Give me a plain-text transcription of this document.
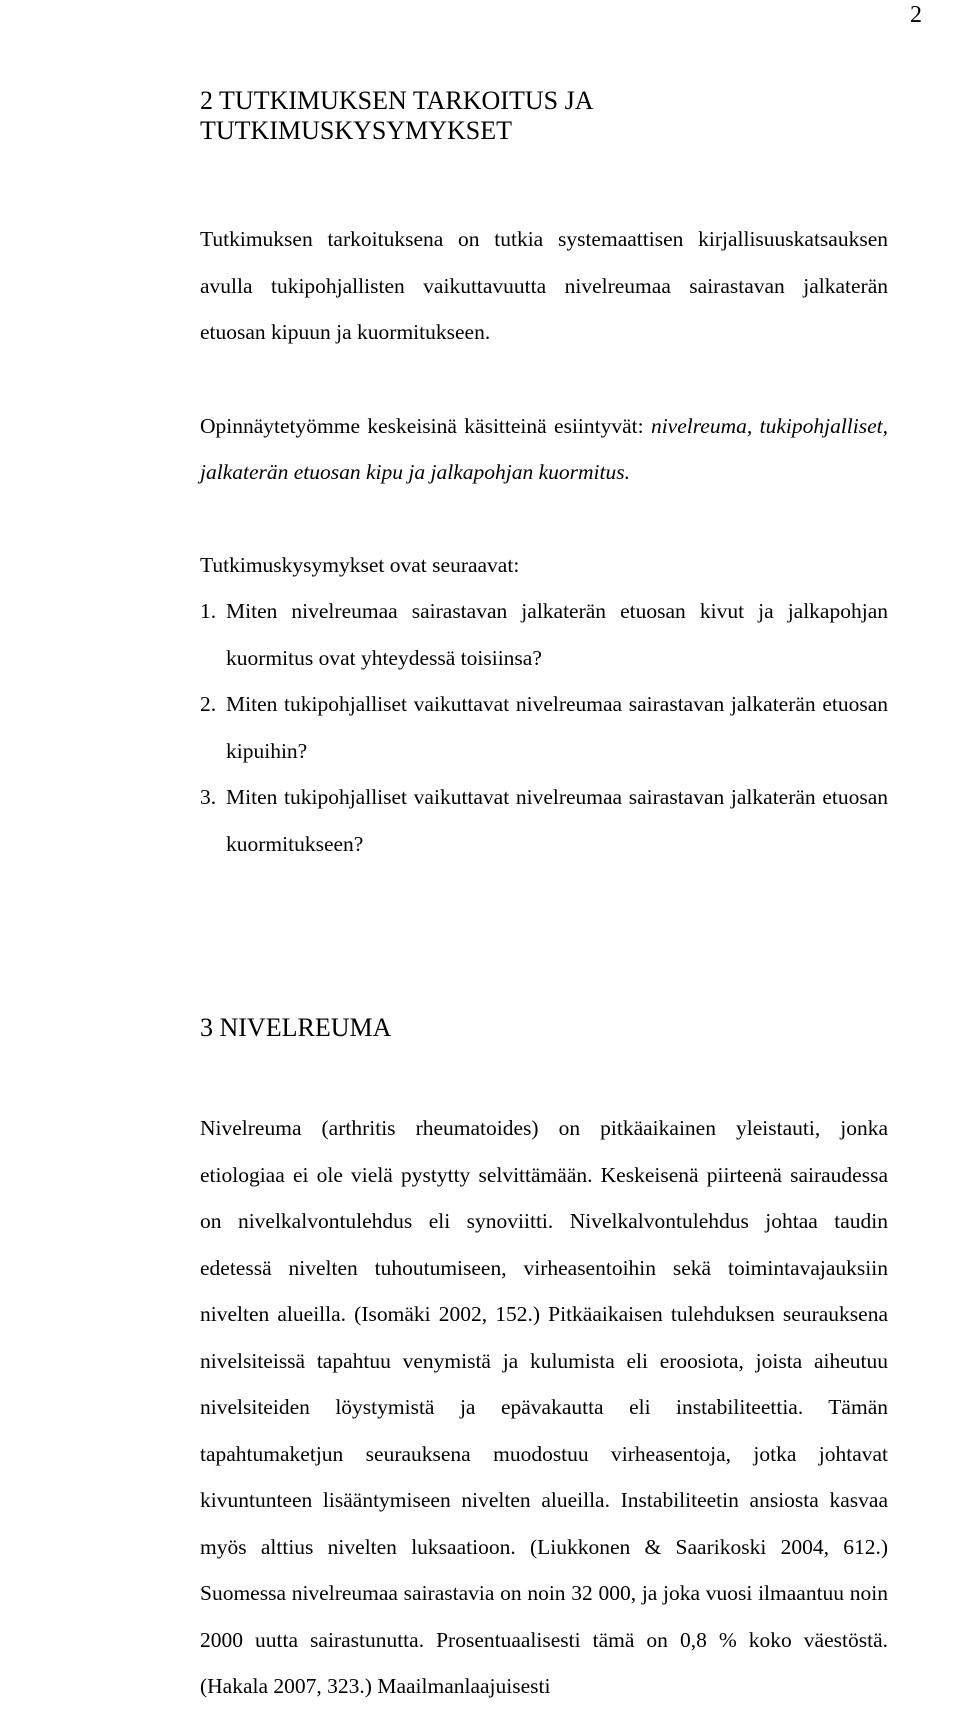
2
2 TUTKIMUKSEN TARKOITUS JA TUTKIMUSKYSYMYKSET

Tutkimuksen tarkoituksena on tutkia systemaattisen kirjallisuuskatsauksen avulla tukipohjallisten vaikuttavuutta nivelreumaa sairastavan jalkaterän etuosan kipuun ja kuormitukseen.

Opinnäytetyömme keskeisinä käsitteinä esiintyvät: nivelreuma, tukipohjalliset, jalkaterän etuosan kipu ja jalkapohjan kuormitus.

Tutkimuskysymykset ovat seuraavat:

1. Miten nivelreumaa sairastavan jalkaterän etuosan kivut ja jalkapohjan kuormitus ovat yhteydessä toisiinsa?
2. Miten tukipohjalliset vaikuttavat nivelreumaa sairastavan jalkaterän etuosan kipuihin?
3. Miten tukipohjalliset vaikuttavat nivelreumaa sairastavan jalkaterän etuosan kuormitukseen?
3 NIVELREUMA

Nivelreuma (arthritis rheumatoides) on pitkäaikainen yleistauti, jonka etiologiaa ei ole vielä pystytty selvittämään. Keskeisenä piirteenä sairaudessa on nivelkalvontulehdus eli synoviitti. Nivelkalvontulehdus johtaa taudin edetessä nivelten tuhoutumiseen, virheasentoihin sekä toimintavajauksiin nivelten alueilla. (Isomäki 2002, 152.) Pitkäaikaisen tulehduksen seurauksena nivelsiteissä tapahtuu venymistä ja kulumista eli eroosiota, joista aiheutuu nivelsiteiden löystymistä ja epävakautta eli instabiliteettia. Tämän tapahtumaketjun seurauksena muodostuu virheasentoja, jotka johtavat kivuntunteen lisääntymiseen nivelten alueilla. Instabiliteetin ansiosta kasvaa myös alttius nivelten luksaatioon. (Liukkonen & Saarikoski 2004, 612.) Suomessa nivelreumaa sairastavia on noin 32 000, ja joka vuosi ilmaantuu noin 2000 uutta sairastunutta. Prosentuaalisesti tämä on 0,8 % koko väestöstä. (Hakala 2007, 323.) Maailmanlaajuisesti
